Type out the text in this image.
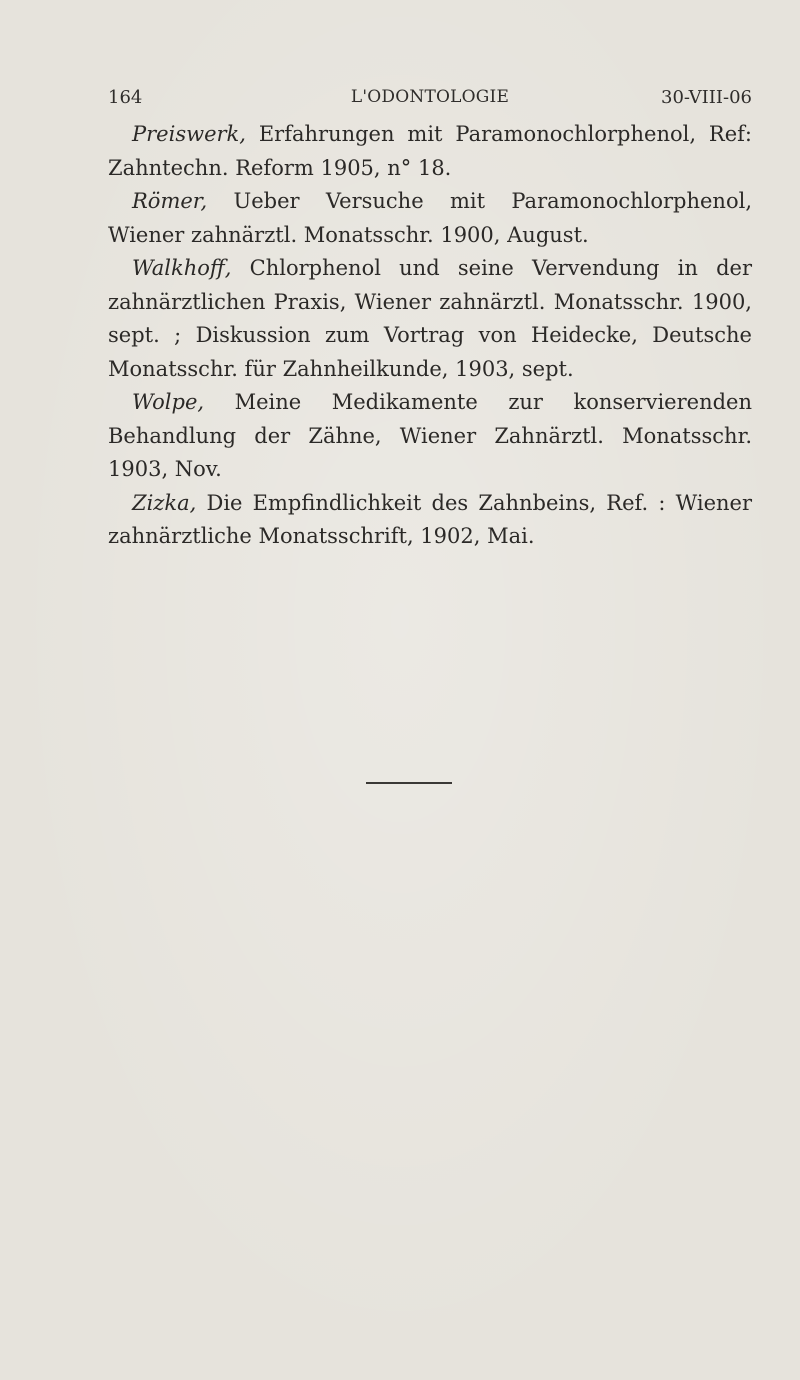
164	L'ODONTOLOGIE	30-VIII-06

Preiswerk, Erfahrungen mit Paramonochlorphenol, Ref: Zahntechn. Reform 1905, n° 18.

Römer, Ueber Versuche mit Paramonochlorphenol, Wiener zahnärztl. Monatsschr. 1900, August.

Walkhoff, Chlorphenol und seine Vervendung in der zahnärztlichen Praxis, Wiener zahnärztl. Monatsschr. 1900, sept. ; Diskussion zum Vortrag von Heidecke, Deutsche Monatsschr. für Zahnheilkunde, 1903, sept.

Wolpe, Meine Medikamente zur konservierenden Behandlung der Zähne, Wiener Zahnärztl. Monatsschr. 1903, Nov.

Zizka, Die Empfindlichkeit des Zahnbeins, Ref. : Wiener zahnärztliche Monatsschrift, 1902, Mai.
